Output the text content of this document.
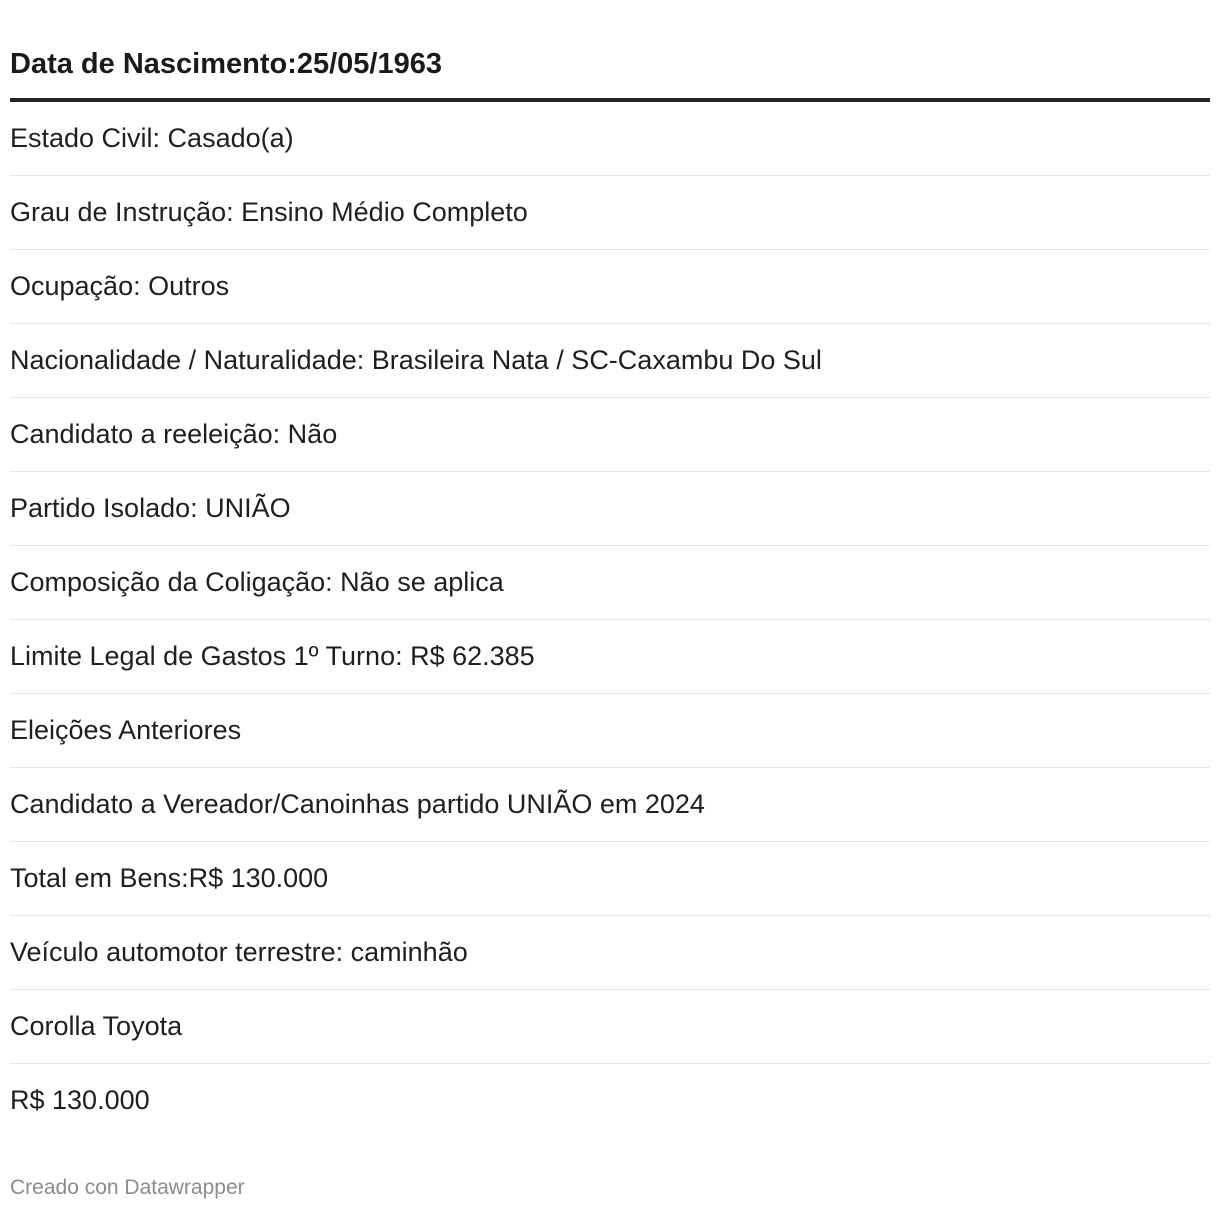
Data de Nascimento:25/05/1963
Estado Civil: Casado(a)
Grau de Instrução: Ensino Médio Completo
Ocupação: Outros
Nacionalidade / Naturalidade: Brasileira Nata / SC-Caxambu Do Sul
Candidato a reeleição: Não
Partido Isolado: UNIÃO
Composição da Coligação: Não se aplica
Limite Legal de Gastos 1º Turno: R$ 62.385
Eleições Anteriores
Candidato a Vereador/Canoinhas partido UNIÃO em 2024
Total em Bens:R$ 130.000
Veículo automotor terrestre: caminhão
Corolla Toyota
R$ 130.000
Creado con Datawrapper
